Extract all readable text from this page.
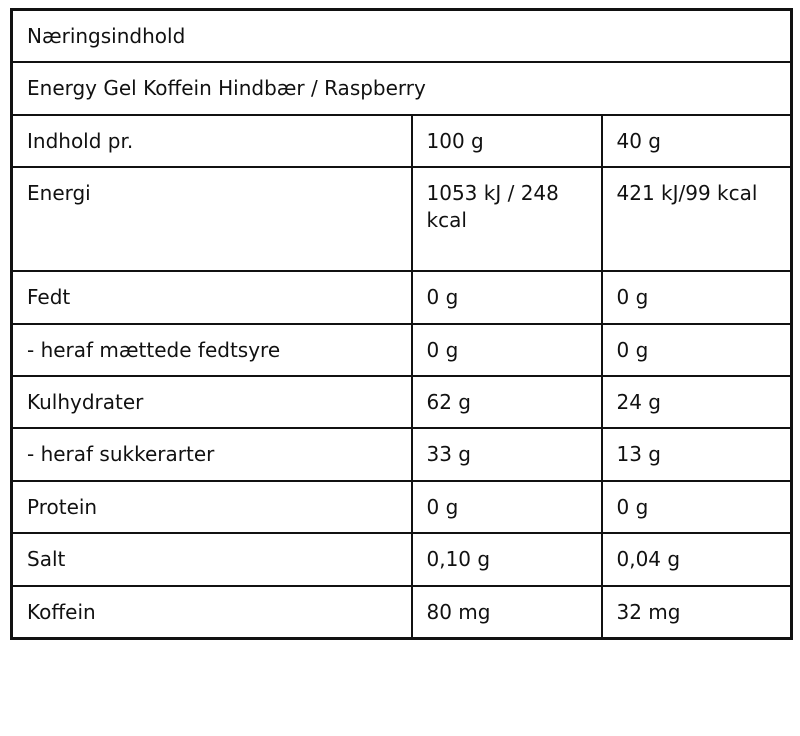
Næringsindhold		
Energy Gel Koffein Hindbær / Raspberry		
Indhold pr.	100 g	40 g
Energi	1053 kJ / 248 kcal	421 kJ/99 kcal
Fedt	0 g	0 g
- heraf mættede fedtsyre	0 g	0 g
Kulhydrater	62 g	24 g
- heraf sukkerarter	33 g	13 g
Protein	0 g	0 g
Salt	0,10 g	0,04 g
Koffein	80 mg	32 mg
